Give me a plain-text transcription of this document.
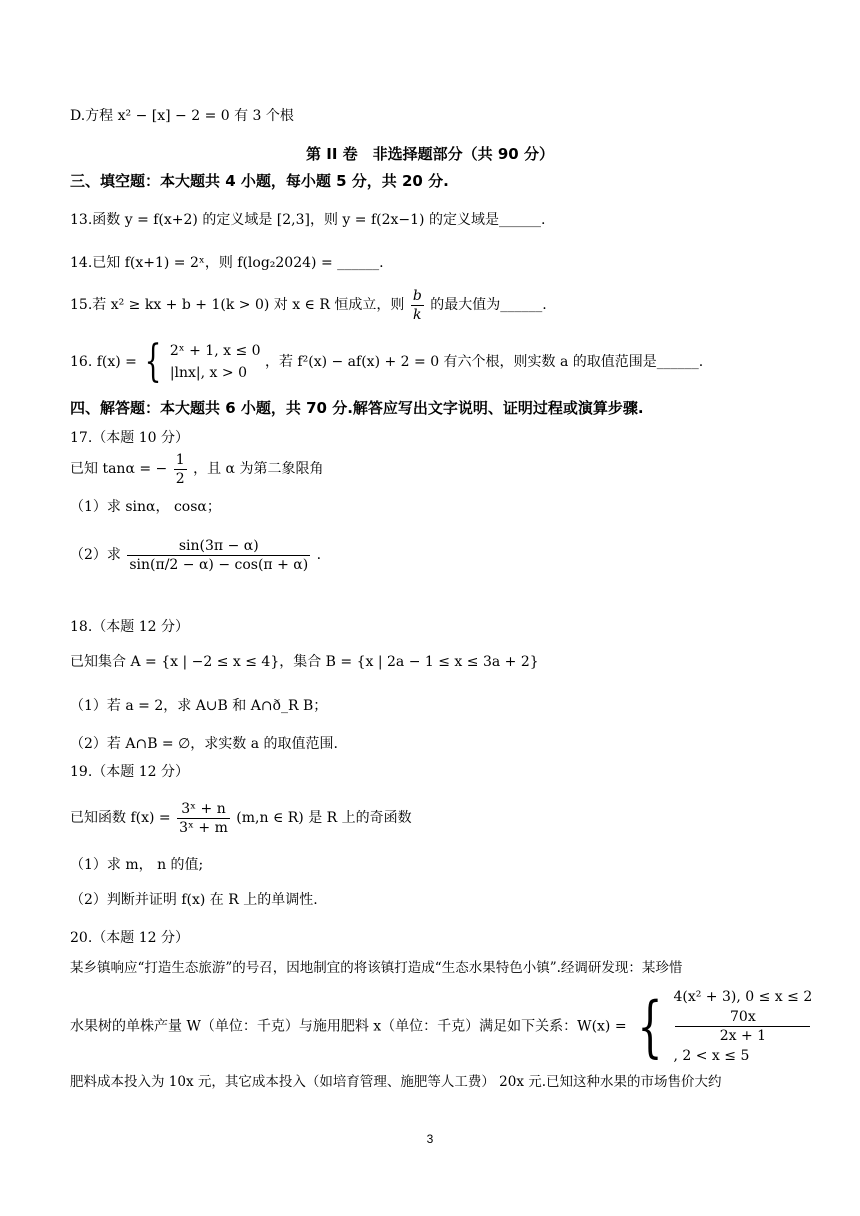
D.方程 x² − [x] − 2 = 0 有 3 个根
第 II 卷　非选择题部分（共 90 分）
三、填空题：本大题共 4 小题，每小题 5 分，共 20 分.
13.函数 y = f(x+2) 的定义域是 [2,3]，则 y = f(2x−1) 的定义域是______.
14.已知 f(x+1) = 2ˣ，则 f(log₂2024) = ______.
15.若 x² ≥ kx + b + 1(k > 0) 对 x ∈ R 恒成立，则 $\frac{b}{k}$ 的最大值为______.
16. f(x) = { 2ˣ + 1, x ≤ 0
|lnx|, x > 0
，若 f²(x) − af(x) + 2 = 0 有六个根，则实数 a 的取值范围是______.
四、解答题：本大题共 6 小题，共 70 分.解答应写出文字说明、证明过程或演算步骤.
17.（本题 10 分）
已知 tanα = − $\frac{1}{2}$ ，且 α 为第二象限角
（1）求 sinα， cosα；
（2）求 $\frac{\sin(3\pi - \alpha)}{\sin(\pi/2 - \alpha) - \cos(\pi + \alpha)}$ .
18.（本题 12 分）
已知集合 A = {x | −2 ≤ x ≤ 4}，集合 B = {x | 2a − 1 ≤ x ≤ 3a + 2}
（1）若 a = 2，求 A∪B 和 A∩ð_R B；
（2）若 A∩B = ∅，求实数 a 的取值范围.
19.（本题 12 分）
已知函数 $f(x) = \frac{\text{3ˣ + n}}{\text{3ˣ + m}} (m,n$ ∈ R) 是 R 上的奇函数
（1）求 m， n 的值;
（2）判断并证明 f(x) 在 R 上的单调性.
20.（本题 12 分）
某乡镇响应“打造生态旅游”的号召，因地制宜的将该镇打造成“生态水果特色小镇”.经调研发现：某珍惜
水果树的单株产量 W（单位：千克）与施用肥料 x（单位：千克）满足如下关系：W(x) = { 4(x² + 3), 0 ≤ x ≤ 2
70x
2x + 1
, 2 < x ≤ 5
肥料成本投入为 10x 元，其它成本投入（如培育管理、施肥等人工费） 20x 元.已知这种水果的市场售价大约
3
